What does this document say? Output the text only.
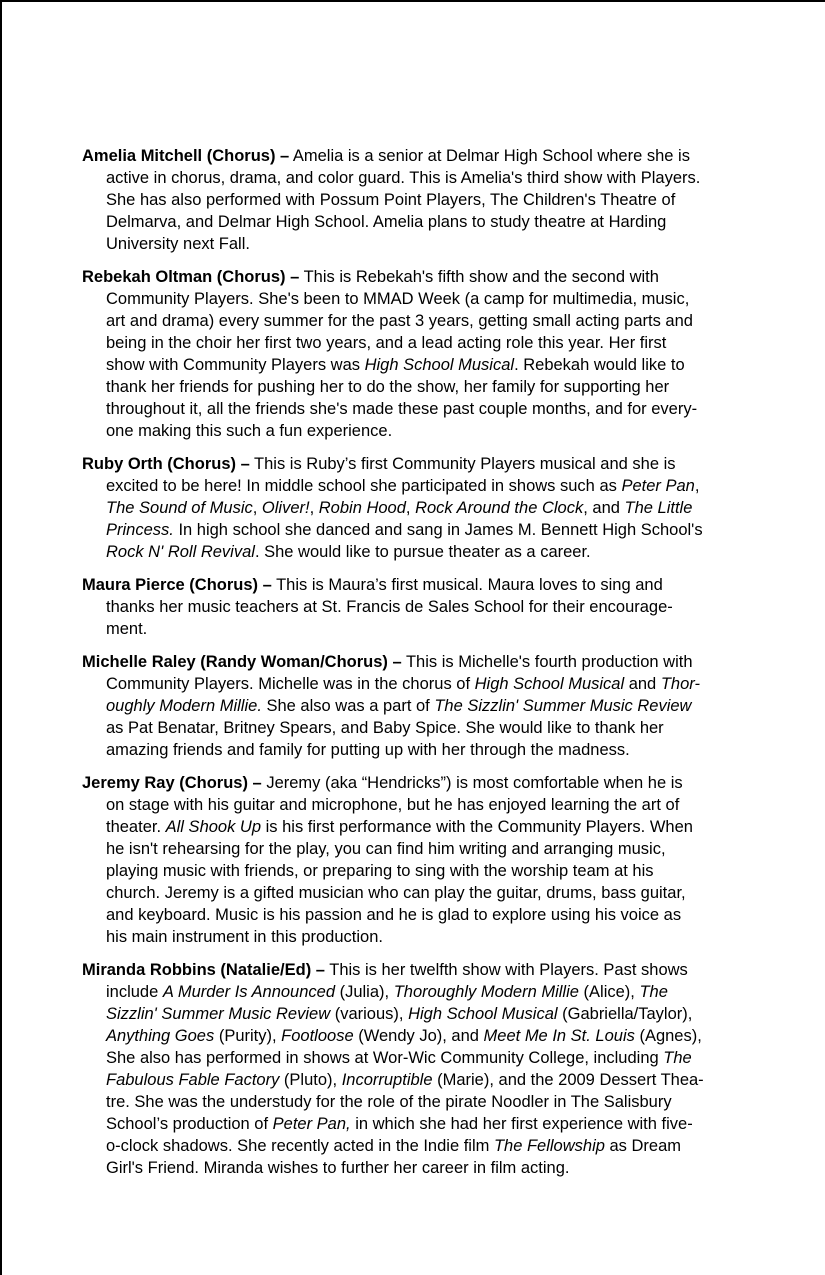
Amelia Mitchell (Chorus) – Amelia is a senior at Delmar High School where she is
active in chorus, drama, and color guard. This is Amelia's third show with Players.
She has also performed with Possum Point Players, The Children's Theatre of
Delmarva, and Delmar High School. Amelia plans to study theatre at Harding
University next Fall.
Rebekah Oltman (Chorus) – This is Rebekah's fifth show and the second with
Community Players. She's been to MMAD Week (a camp for multimedia, music,
art and drama) every summer for the past 3 years, getting small acting parts and
being in the choir her first two years, and a lead acting role this year. Her first
show with Community Players was High School Musical. Rebekah would like to
thank her friends for pushing her to do the show, her family for supporting her
throughout it, all the friends she's made these past couple months, and for every-
one making this such a fun experience.
Ruby Orth (Chorus) – This is Ruby’s first Community Players musical and she is
excited to be here! In middle school she participated in shows such as Peter Pan,
The Sound of Music, Oliver!, Robin Hood, Rock Around the Clock, and The Little
Princess. In high school she danced and sang in James M. Bennett High School's
Rock N' Roll Revival. She would like to pursue theater as a career.
Maura Pierce (Chorus) – This is Maura’s first musical. Maura loves to sing and
thanks her music teachers at St. Francis de Sales School for their encourage-
ment.
Michelle Raley (Randy Woman/Chorus) – This is Michelle's fourth production with
Community Players. Michelle was in the chorus of High School Musical and Thor-
oughly Modern Millie. She also was a part of The Sizzlin' Summer Music Review
as Pat Benatar, Britney Spears, and Baby Spice. She would like to thank her
amazing friends and family for putting up with her through the madness.
Jeremy Ray (Chorus) – Jeremy (aka “Hendricks”) is most comfortable when he is
on stage with his guitar and microphone, but he has enjoyed learning the art of
theater. All Shook Up is his first performance with the Community Players. When
he isn't rehearsing for the play, you can find him writing and arranging music,
playing music with friends, or preparing to sing with the worship team at his
church. Jeremy is a gifted musician who can play the guitar, drums, bass guitar,
and keyboard. Music is his passion and he is glad to explore using his voice as
his main instrument in this production.
Miranda Robbins (Natalie/Ed) – This is her twelfth show with Players. Past shows
include A Murder Is Announced (Julia), Thoroughly Modern Millie (Alice), The
Sizzlin' Summer Music Review (various), High School Musical (Gabriella/Taylor),
Anything Goes (Purity), Footloose (Wendy Jo), and Meet Me In St. Louis (Agnes),
She also has performed in shows at Wor-Wic Community College, including The
Fabulous Fable Factory (Pluto), Incorruptible (Marie), and the 2009 Dessert Thea-
tre. She was the understudy for the role of the pirate Noodler in The Salisbury
School’s production of Peter Pan, in which she had her first experience with five-
o-clock shadows. She recently acted in the Indie film The Fellowship as Dream
Girl's Friend. Miranda wishes to further her career in film acting.
